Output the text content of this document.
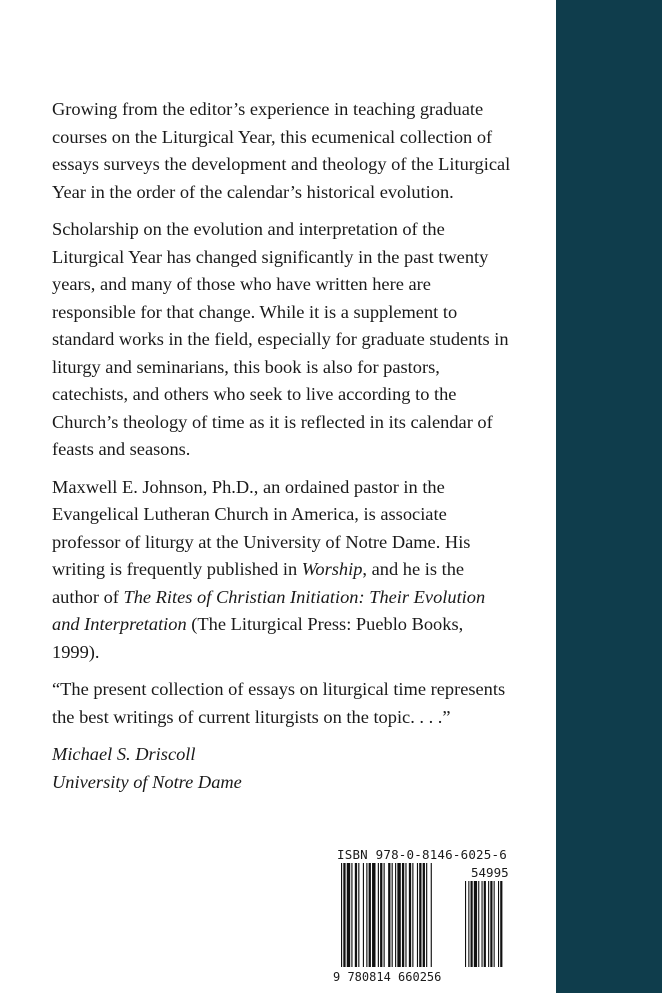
Growing from the editor’s experience in teaching graduate courses on the Liturgical Year, this ecumenical collection of essays surveys the development and theology of the Liturgical Year in the order of the calendar’s historical evolution.

Scholarship on the evolution and interpretation of the Liturgical Year has changed significantly in the past twenty years, and many of those who have written here are responsible for that change. While it is a supplement to standard works in the field, especially for graduate students in liturgy and seminarians, this book is also for pastors, catechists, and others who seek to live according to the Church’s theology of time as it is reflected in its calendar of feasts and seasons.

Maxwell E. Johnson, Ph.D., an ordained pastor in the Evangelical Lutheran Church in America, is associate professor of liturgy at the University of Notre Dame. His writing is frequently published in Worship, and he is the author of The Rites of Christian Initiation: Their Evolution and Interpretation (The Liturgical Press: Pueblo Books, 1999).

“The present collection of essays on liturgical time represents the best writings of current liturgists on the topic. . . .”

Michael S. Driscoll
University of Notre Dame
ISBN 978-0-8146-6025-6
54995
9 780814 660256
